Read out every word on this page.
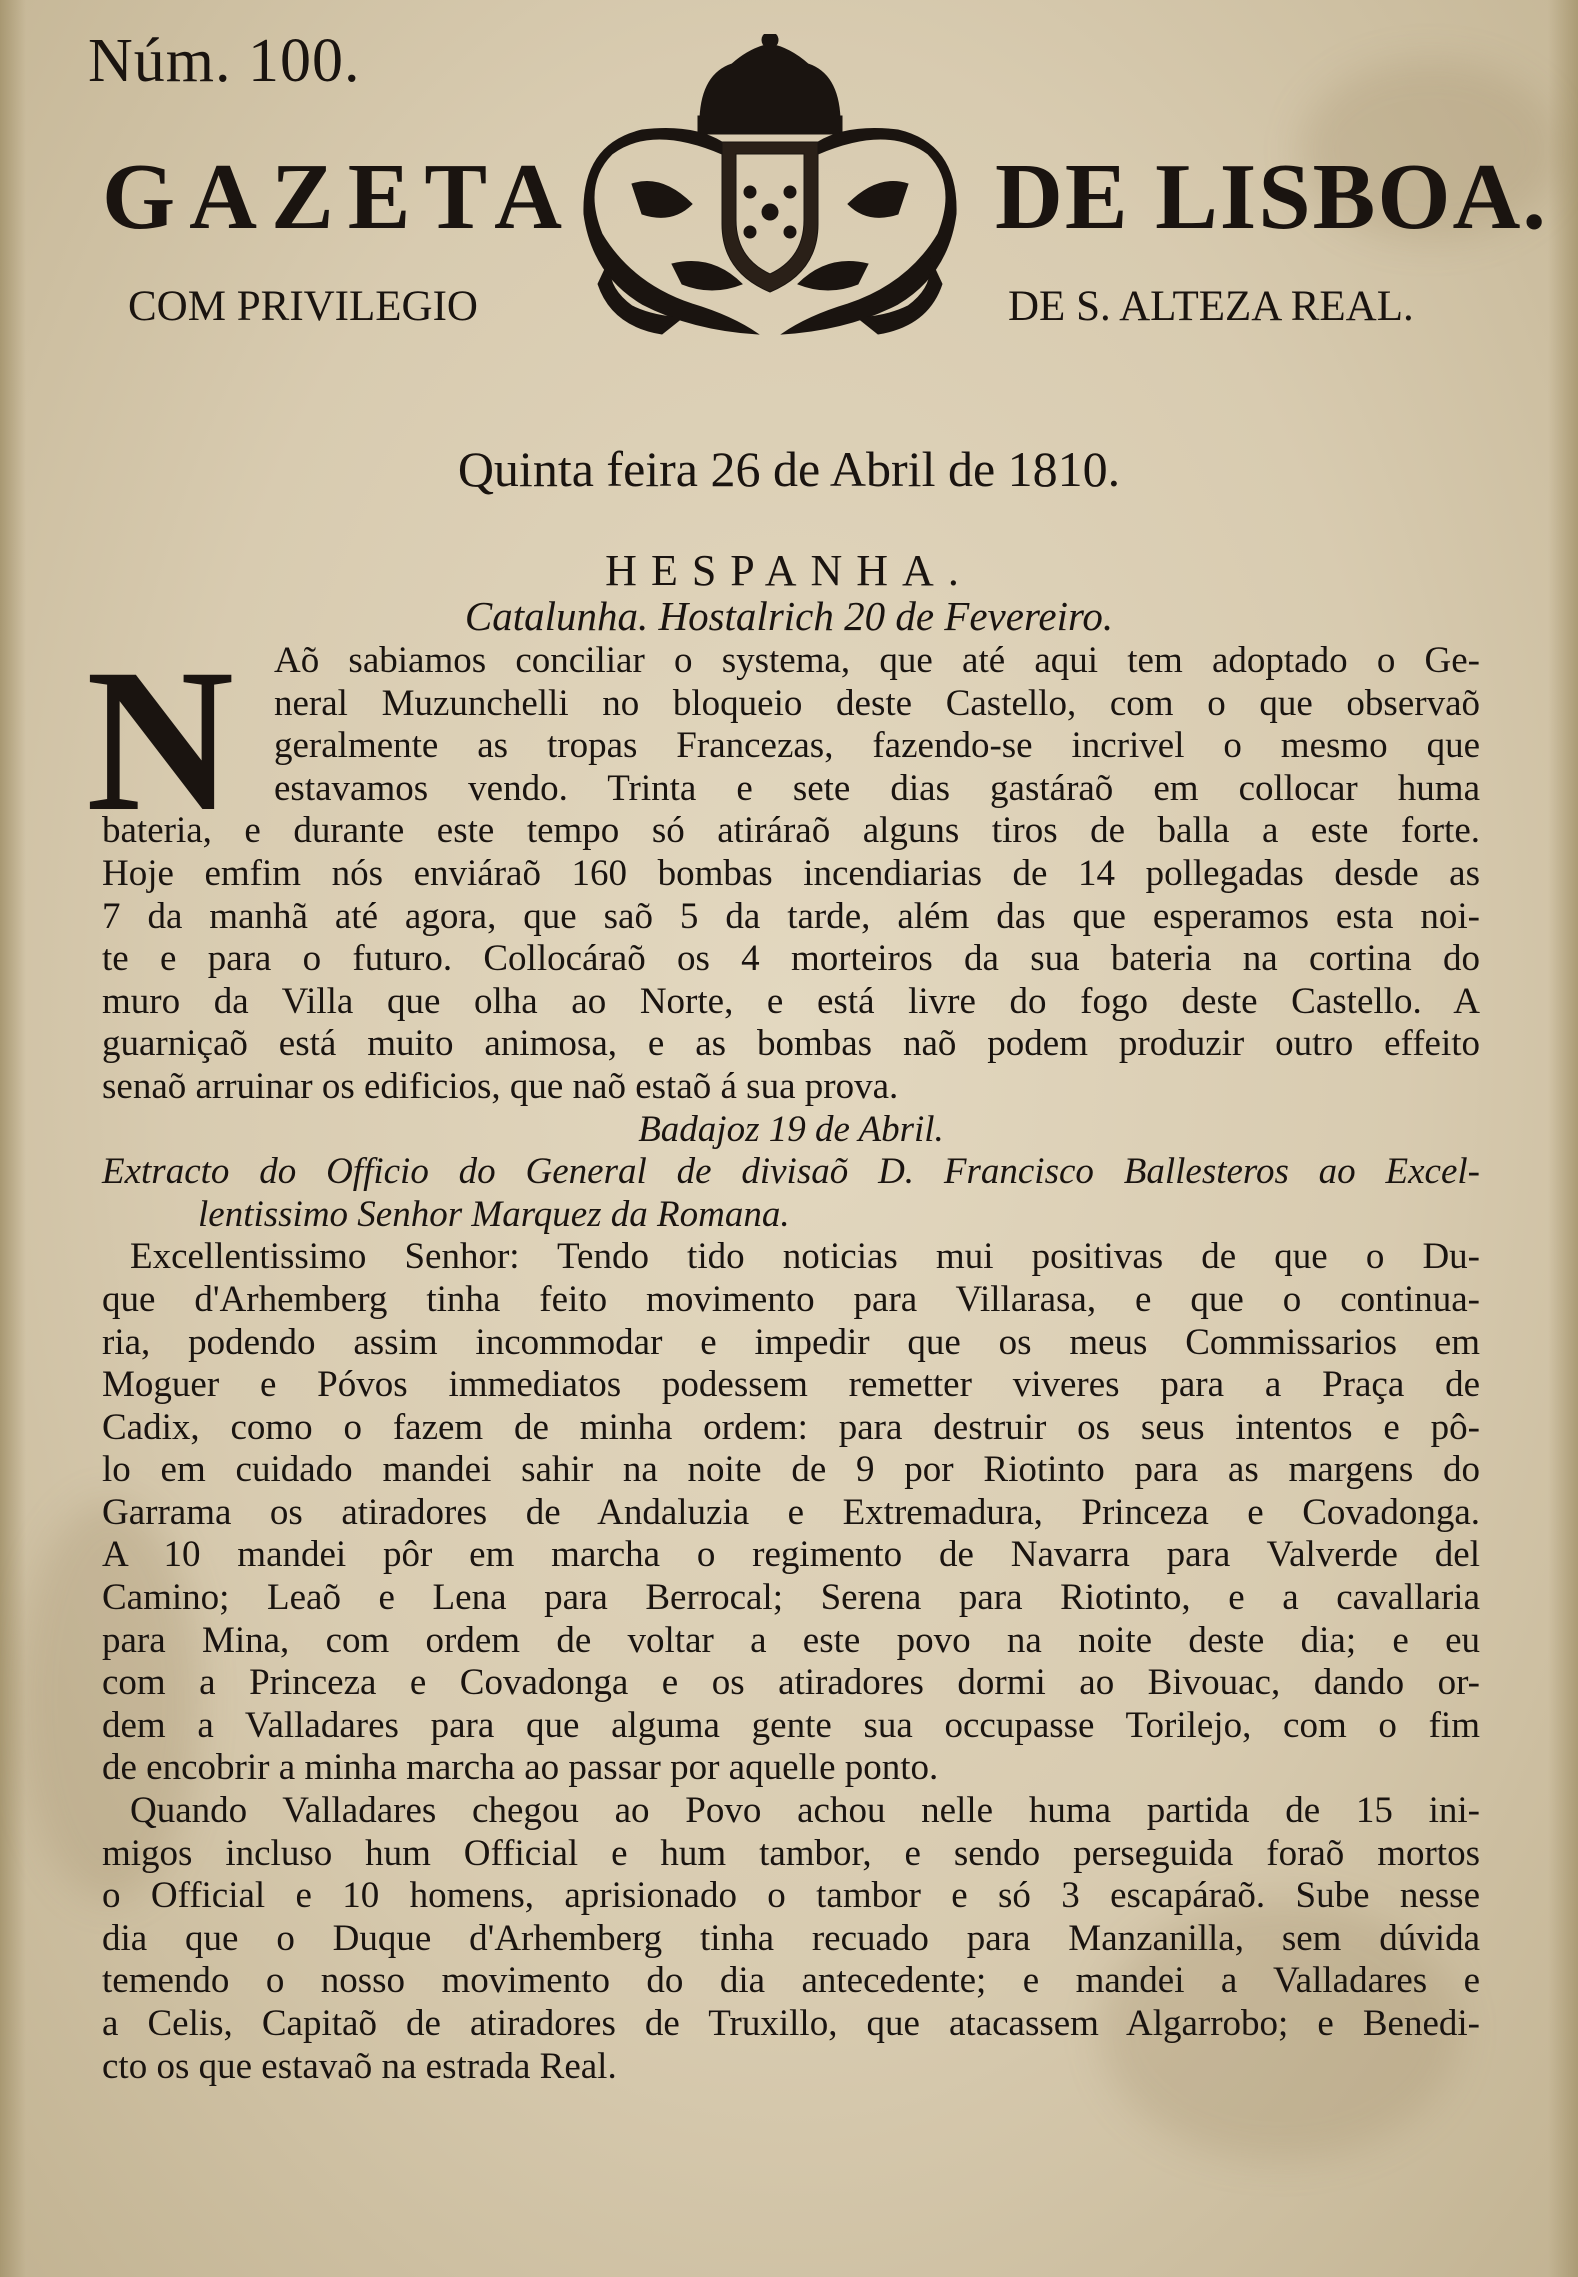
Núm. 100.
GAZETA	DE LISBOA.
COM PRIVILEGIO	DE S. ALTEZA REAL.
Quinta feira 26 de Abril de 1810.
HESPANHA.
Catalunha. Hostalrich 20 de Fevereiro.
N Aõ sabiamos conciliar o systema, que até aqui tem adoptado o Ge-
neral Muzunchelli no bloqueio deste Castello, com o que observaõ
geralmente as tropas Francezas, fazendo-se incrivel o mesmo que
estavamos vendo. Trinta e sete dias gastáraõ em collocar huma
bateria, e durante este tempo só atiráraõ alguns tiros de balla a este forte.
Hoje emfim nós enviáraõ 160 bombas incendiarias de 14 pollegadas desde as
7 da manhã até agora, que saõ 5 da tarde, além das que esperamos esta noi-
te e para o futuro. Collocáraõ os 4 morteiros da sua bateria na cortina do
muro da Villa que olha ao Norte, e está livre do fogo deste Castello. A
guarniçaõ está muito animosa, e as bombas naõ podem produzir outro effeito
senaõ arruinar os edificios, que naõ estaõ á sua prova.

Badajoz 19 de Abril.

Extracto do Officio do General de divisaõ D. Francisco Ballesteros ao Excel-
lentissimo Senhor Marquez da Romana.
Excellentissimo Senhor: Tendo tido noticias mui positivas de que o Du-
que d'Arhemberg tinha feito movimento para Villarasa, e que o continua-
ria, podendo assim incommodar e impedir que os meus Commissarios em
Moguer e Póvos immediatos podessem remetter viveres para a Praça de
Cadix, como o fazem de minha ordem: para destruir os seus intentos e pô-
lo em cuidado mandei sahir na noite de 9 por Riotinto para as margens do
Garrama os atiradores de Andaluzia e Extremadura, Princeza e Covadonga.
A 10 mandei pôr em marcha o regimento de Navarra para Valverde del
Camino; Leaõ e Lena para Berrocal; Serena para Riotinto, e a cavallaria
para Mina, com ordem de voltar a este povo na noite deste dia; e eu
com a Princeza e Covadonga e os atiradores dormi ao Bivouac, dando or-
dem a Valladares para que alguma gente sua occupasse Torilejo, com o fim
de encobrir a minha marcha ao passar por aquelle ponto.
Quando Valladares chegou ao Povo achou nelle huma partida de 15 ini-
migos incluso hum Official e hum tambor, e sendo perseguida foraõ mortos
o Official e 10 homens, aprisionado o tambor e só 3 escapáraõ. Sube nesse
dia que o Duque d'Arhemberg tinha recuado para Manzanilla, sem dúvida
temendo o nosso movimento do dia antecedente; e mandei a Valladares e
a Celis, Capitaõ de atiradores de Truxillo, que atacassem Algarrobo; e Benedi-
cto os que estavaõ na estrada Real.
